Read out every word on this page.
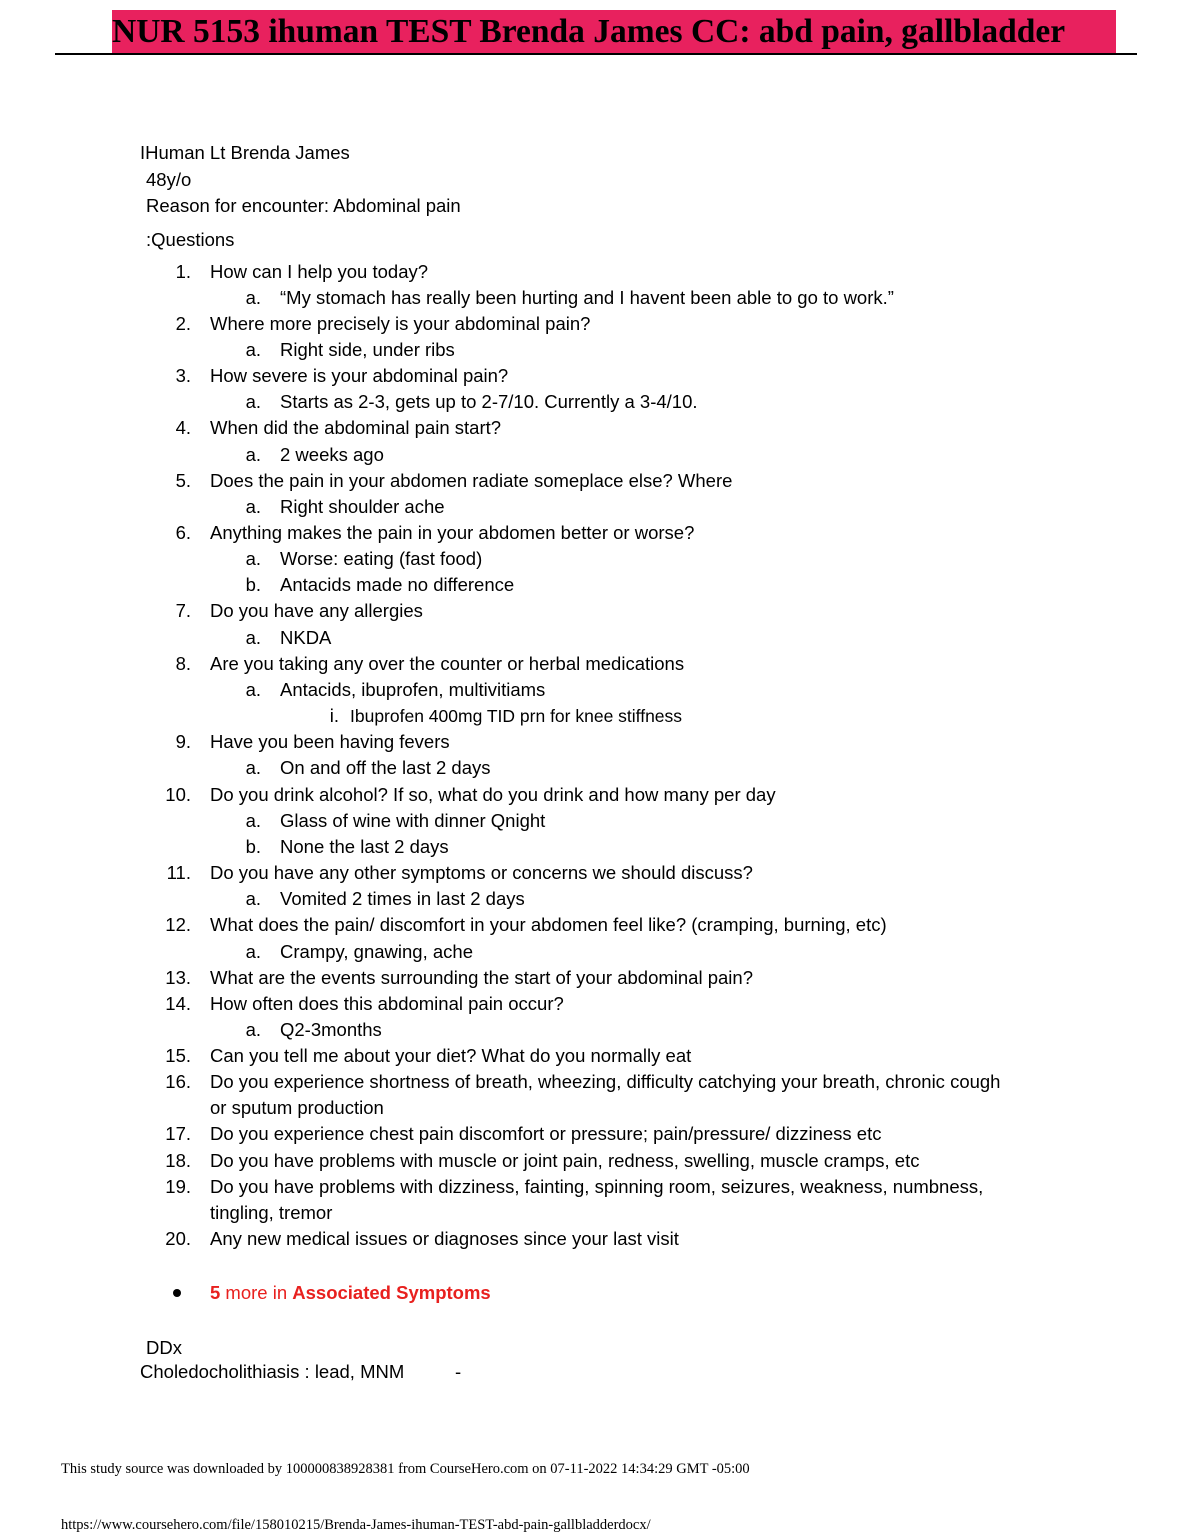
NUR 5153 ihuman TEST Brenda James CC: abd pain, gallbladder
IHuman Lt Brenda James
48y/o
Reason for encounter: Abdominal pain
:Questions
1. How can I help you today?
a. “My stomach has really been hurting and I havent been able to go to work.”
2. Where more precisely is your abdominal pain?
a. Right side, under ribs
3. How severe is your abdominal pain?
a. Starts as 2-3, gets up to 2-7/10. Currently a 3-4/10.
4. When did the abdominal pain start?
a. 2 weeks ago
5. Does the pain in your abdomen radiate someplace else? Where
a. Right shoulder ache
6. Anything makes the pain in your abdomen better or worse?
a. Worse: eating (fast food)
b. Antacids made no difference
7. Do you have any allergies
a. NKDA
8. Are you taking any over the counter or herbal medications
a. Antacids, ibuprofen, multivitiams
i. Ibuprofen 400mg TID prn for knee stiffness
9. Have you been having fevers
a. On and off the last 2 days
10. Do you drink alcohol? If so, what do you drink and how many per day
a. Glass of wine with dinner Qnight
b. None the last 2 days
11. Do you have any other symptoms or concerns we should discuss?
a. Vomited 2 times in last 2 days
12. What does the pain/ discomfort in your abdomen feel like? (cramping, burning, etc)
a. Crampy, gnawing, ache
13. What are the events surrounding the start of your abdominal pain?
14. How often does this abdominal pain occur?
a. Q2-3months
15. Can you tell me about your diet? What do you normally eat
16. Do you experience shortness of breath, wheezing, difficulty catchying your breath, chronic cough
or sputum production
17. Do you experience chest pain discomfort or pressure; pain/pressure/ dizziness etc
18. Do you have problems with muscle or joint pain, redness, swelling, muscle cramps, etc
19. Do you have problems with dizziness, fainting, spinning room, seizures, weakness, numbness,
tingling, tremor
20. Any new medical issues or diagnoses since your last visit
5 more in Associated Symptoms
DDx
Choledocholithiasis : lead, MNM	-
This study source was downloaded by 100000838928381 from CourseHero.com on 07-11-2022 14:34:29 GMT -05:00
https://www.coursehero.com/file/158010215/Brenda-James-ihuman-TEST-abd-pain-gallbladderdocx/
